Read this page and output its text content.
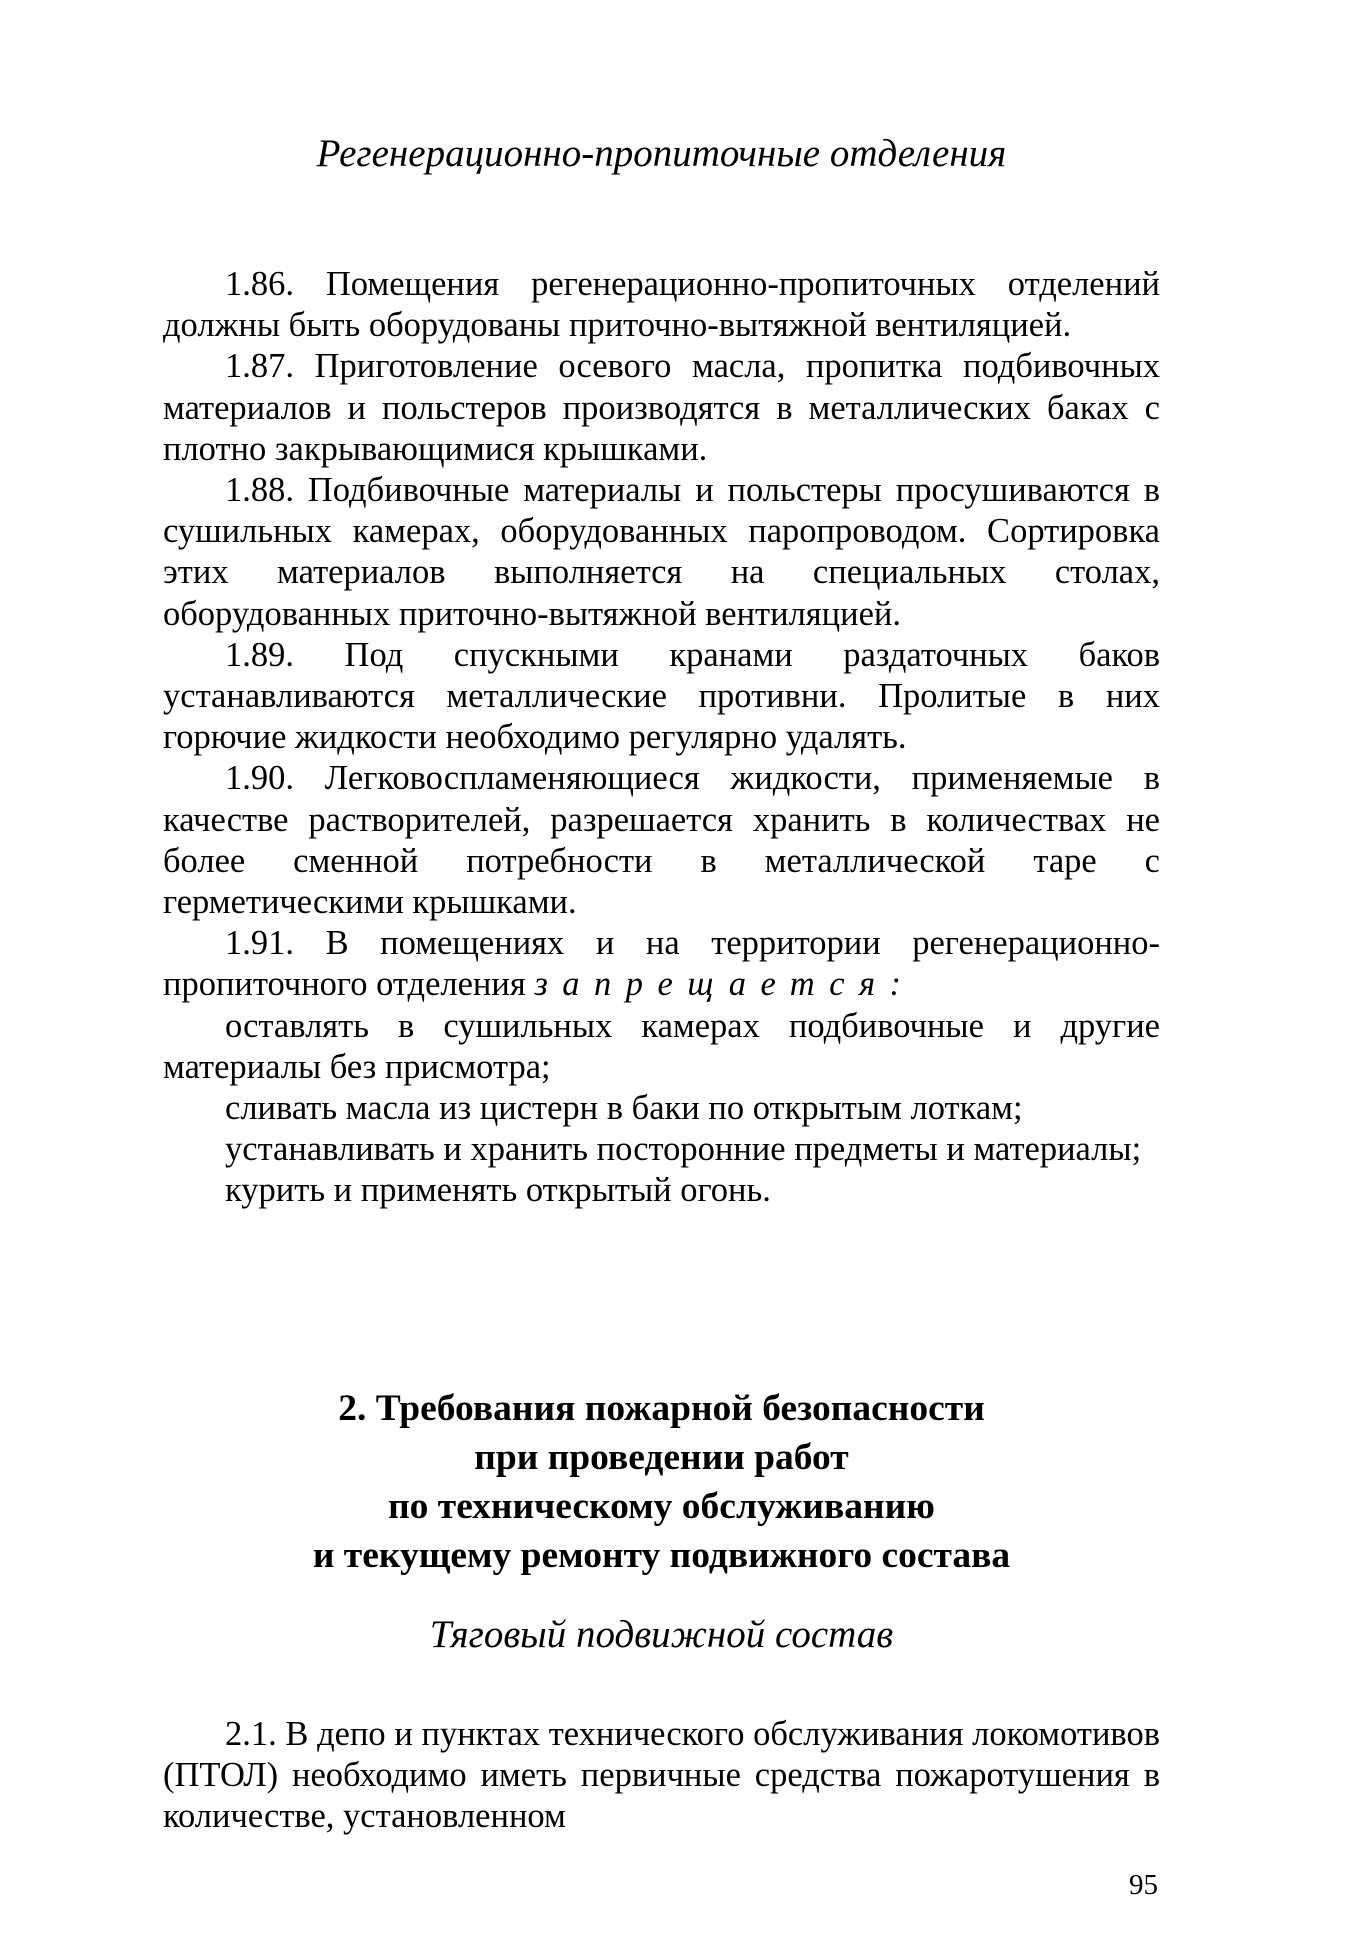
Регенерационно-пропиточные отделения

1.86. Помещения регенерационно-пропиточных отделений должны быть оборудованы приточно-вытяжной вентиляцией.

1.87. Приготовление осевого масла, пропитка подбивочных материалов и польстеров производятся в металлических баках с плотно закрывающимися крышками.

1.88. Подбивочные материалы и польстеры просушиваются в сушильных камерах, оборудованных паропроводом. Сортировка этих материалов выполняется на специальных столах, оборудованных приточно-вытяжной вентиляцией.

1.89. Под спускными кранами раздаточных баков устанавливаются металлические противни. Пролитые в них горючие жидкости необходимо регулярно удалять.

1.90. Легковоспламеняющиеся жидкости, применяемые в качестве растворителей, разрешается хранить в количествах не более сменной потребности в металлической таре с герметическими крышками.

1.91. В помещениях и на территории регенерационно-пропиточного отделения запрещается:

оставлять в сушильных камерах подбивочные и другие материалы без присмотра;

сливать масла из цистерн в баки по открытым лоткам;

устанавливать и хранить посторонние предметы и материалы;

курить и применять открытый огонь.

2. Требования пожарной безопасности
при проведении работ
по техническому обслуживанию
и текущему ремонту подвижного состава
Тяговый подвижной состав

2.1. В депо и пунктах технического обслуживания локомотивов (ПТОЛ) необходимо иметь первичные средства пожаротушения в количестве, установленном

95
